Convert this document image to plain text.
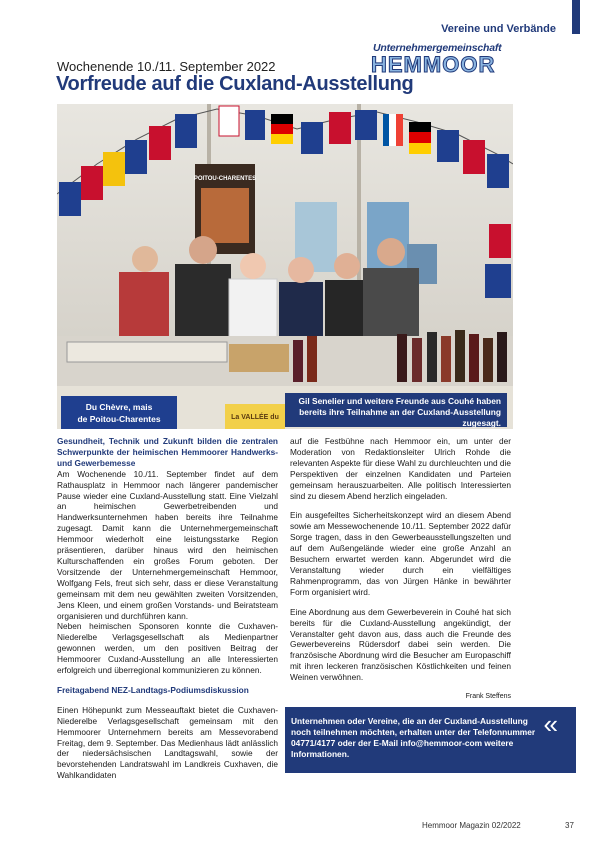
Vereine und Verbände
Unternehmergemeinschaft
HEMMOOR
Wochenende 10./11. September 2022
Vorfreude auf die Cuxland-Ausstellung
POITOU-CHARENTES
Du Chèvre, mais
de Poitou-Charentes	La VALLÉE du
Gil Senelier und weitere Freunde aus Couhé haben bereits ihre Teilnahme an der Cuxland-Ausstellung zugesagt.

Gesundheit, Technik und Zukunft bilden die zentralen Schwerpunkte der heimischen Hemmoorer Handwerks- und Gewerbemesse

Am Wochenende 10./11. September findet auf dem Rathausplatz in Hemmoor nach längerer pandemischer Pause wieder eine Cuxland-Ausstellung statt. Eine Vielzahl an heimischen Gewerbetreibenden und Handwerksunternehmen haben bereits ihre Teilnahme zugesagt. Damit kann die Unternehmergemeinschaft Hemmoor wiederholt eine leistungsstarke Region präsentieren, darüber hinaus wird den heimischen Kulturschaffenden ein großes Forum geboten. Der Vorsitzende der Unternehmergemeinschaft Hemmoor, Wolfgang Fels, freut sich sehr, dass er diese Veranstaltung gemeinsam mit dem neu gewählten zweiten Vorsitzenden, Jens Kleen, und einem großen Vorstands- und Beiratsteam organisieren und durchführen kann.

Neben heimischen Sponsoren konnte die Cuxhaven-Niederelbe Verlagsgesellschaft als Medienpartner gewonnen werden, um den positiven Beitrag der Hemmoorer Cuxland-Ausstellung an alle Interessierten erfolgreich und überregional kommunizieren zu können.

Freitagabend NEZ-Landtags-Podiumsdiskussion

Einen Höhepunkt zum Messeauftakt bietet die Cuxhaven-Niederelbe Verlagsgesellschaft gemeinsam mit den Hemmoorer Unternehmern bereits am Messevorabend Freitag, dem 9. September. Das Medienhaus lädt anlässlich der niedersächsischen Landtagswahl, sowie der bevorstehenden Landratswahl im Landkreis Cuxhaven, die Wahlkandidaten

auf die Festbühne nach Hemmoor ein, um unter der Moderation von Redaktionsleiter Ulrich Rohde die relevanten Aspekte für diese Wahl zu durchleuchten und die Perspektiven der einzelnen Kandidaten und Parteien gemeinsam herauszuarbeiten. Alle politisch Interessierten sind zu diesem Abend herzlich eingeladen.

Ein ausgefeiltes Sicherheitskonzept wird an diesem Abend sowie am Messewochenende 10./11. September 2022 dafür Sorge tragen, dass in den Gewerbeausstellungszelten und auf dem Außengelände wieder eine große Anzahl an Besuchern erwartet werden kann. Abgerundet wird die Veranstaltung wieder durch ein vielfältiges Rahmenprogramm, das von Jürgen Hänke in bewährter Form organisiert wird.

Eine Abordnung aus dem Gewerbeverein in Couhé hat sich bereits für die Cuxland-Ausstellung angekündigt, der Veranstalter geht davon aus, dass auch die Freunde des Gewerbevereins Rüdersdorf dabei sein werden. Die französische Abordnung wird die Besucher am Europaschiff mit ihren leckeren französischen Köstlichkeiten und feinen Weinen verwöhnen.

Frank Steffens

Unternehmen oder Vereine, die an der Cuxland-Ausstellung noch teilnehmen möchten, erhalten unter der Telefonnummer 04771/4177 oder der E-Mail info@hemmoor-com weitere Informationen.
«
Hemmoor Magazin 02/2022	37
